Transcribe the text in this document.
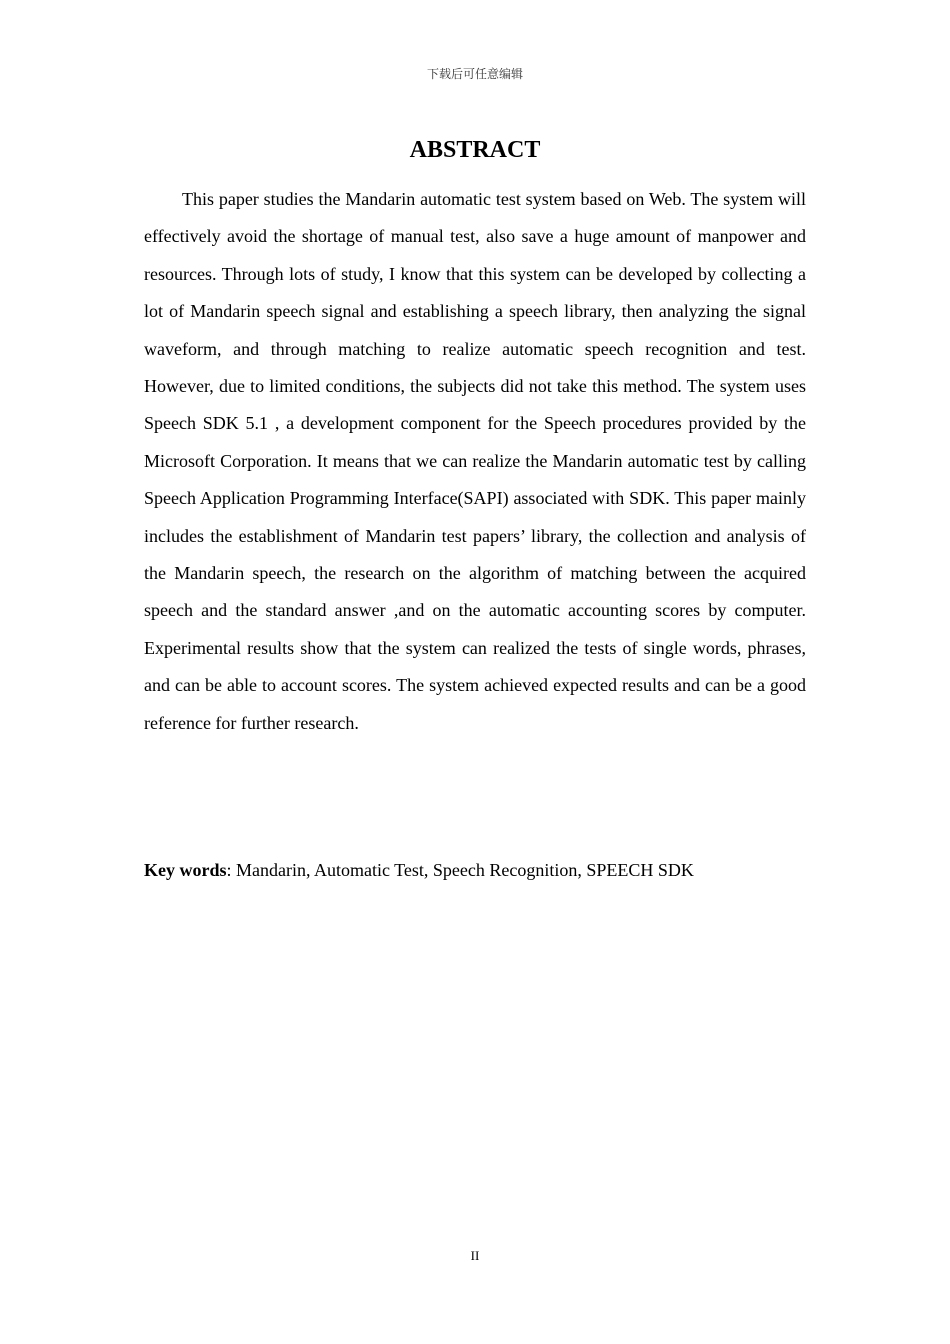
下载后可任意编辑
ABSTRACT

This paper studies the Mandarin automatic test system based on Web. The system will effectively avoid the shortage of manual test, also save a huge amount of manpower and resources. Through lots of study, I know that this system can be developed by collecting a lot of Mandarin speech signal and establishing a speech library, then analyzing the signal waveform, and through matching to realize automatic speech recognition and test. However, due to limited conditions, the subjects did not take this method. The system uses Speech SDK 5.1 , a development component for the Speech procedures provided by the Microsoft Corporation. It means that we can realize the Mandarin automatic test by calling Speech Application Programming Interface(SAPI) associated with SDK. This paper mainly includes the establishment of Mandarin test papers’ library, the collection and analysis of the Mandarin speech, the research on the algorithm of matching between the acquired speech and the standard answer ,and on the automatic accounting scores by computer. Experimental results show that the system can realized the tests of single words, phrases, and can be able to account scores. The system achieved expected results and can be a good reference for further research.

Key words: Mandarin, Automatic Test, Speech Recognition, SPEECH SDK

II
